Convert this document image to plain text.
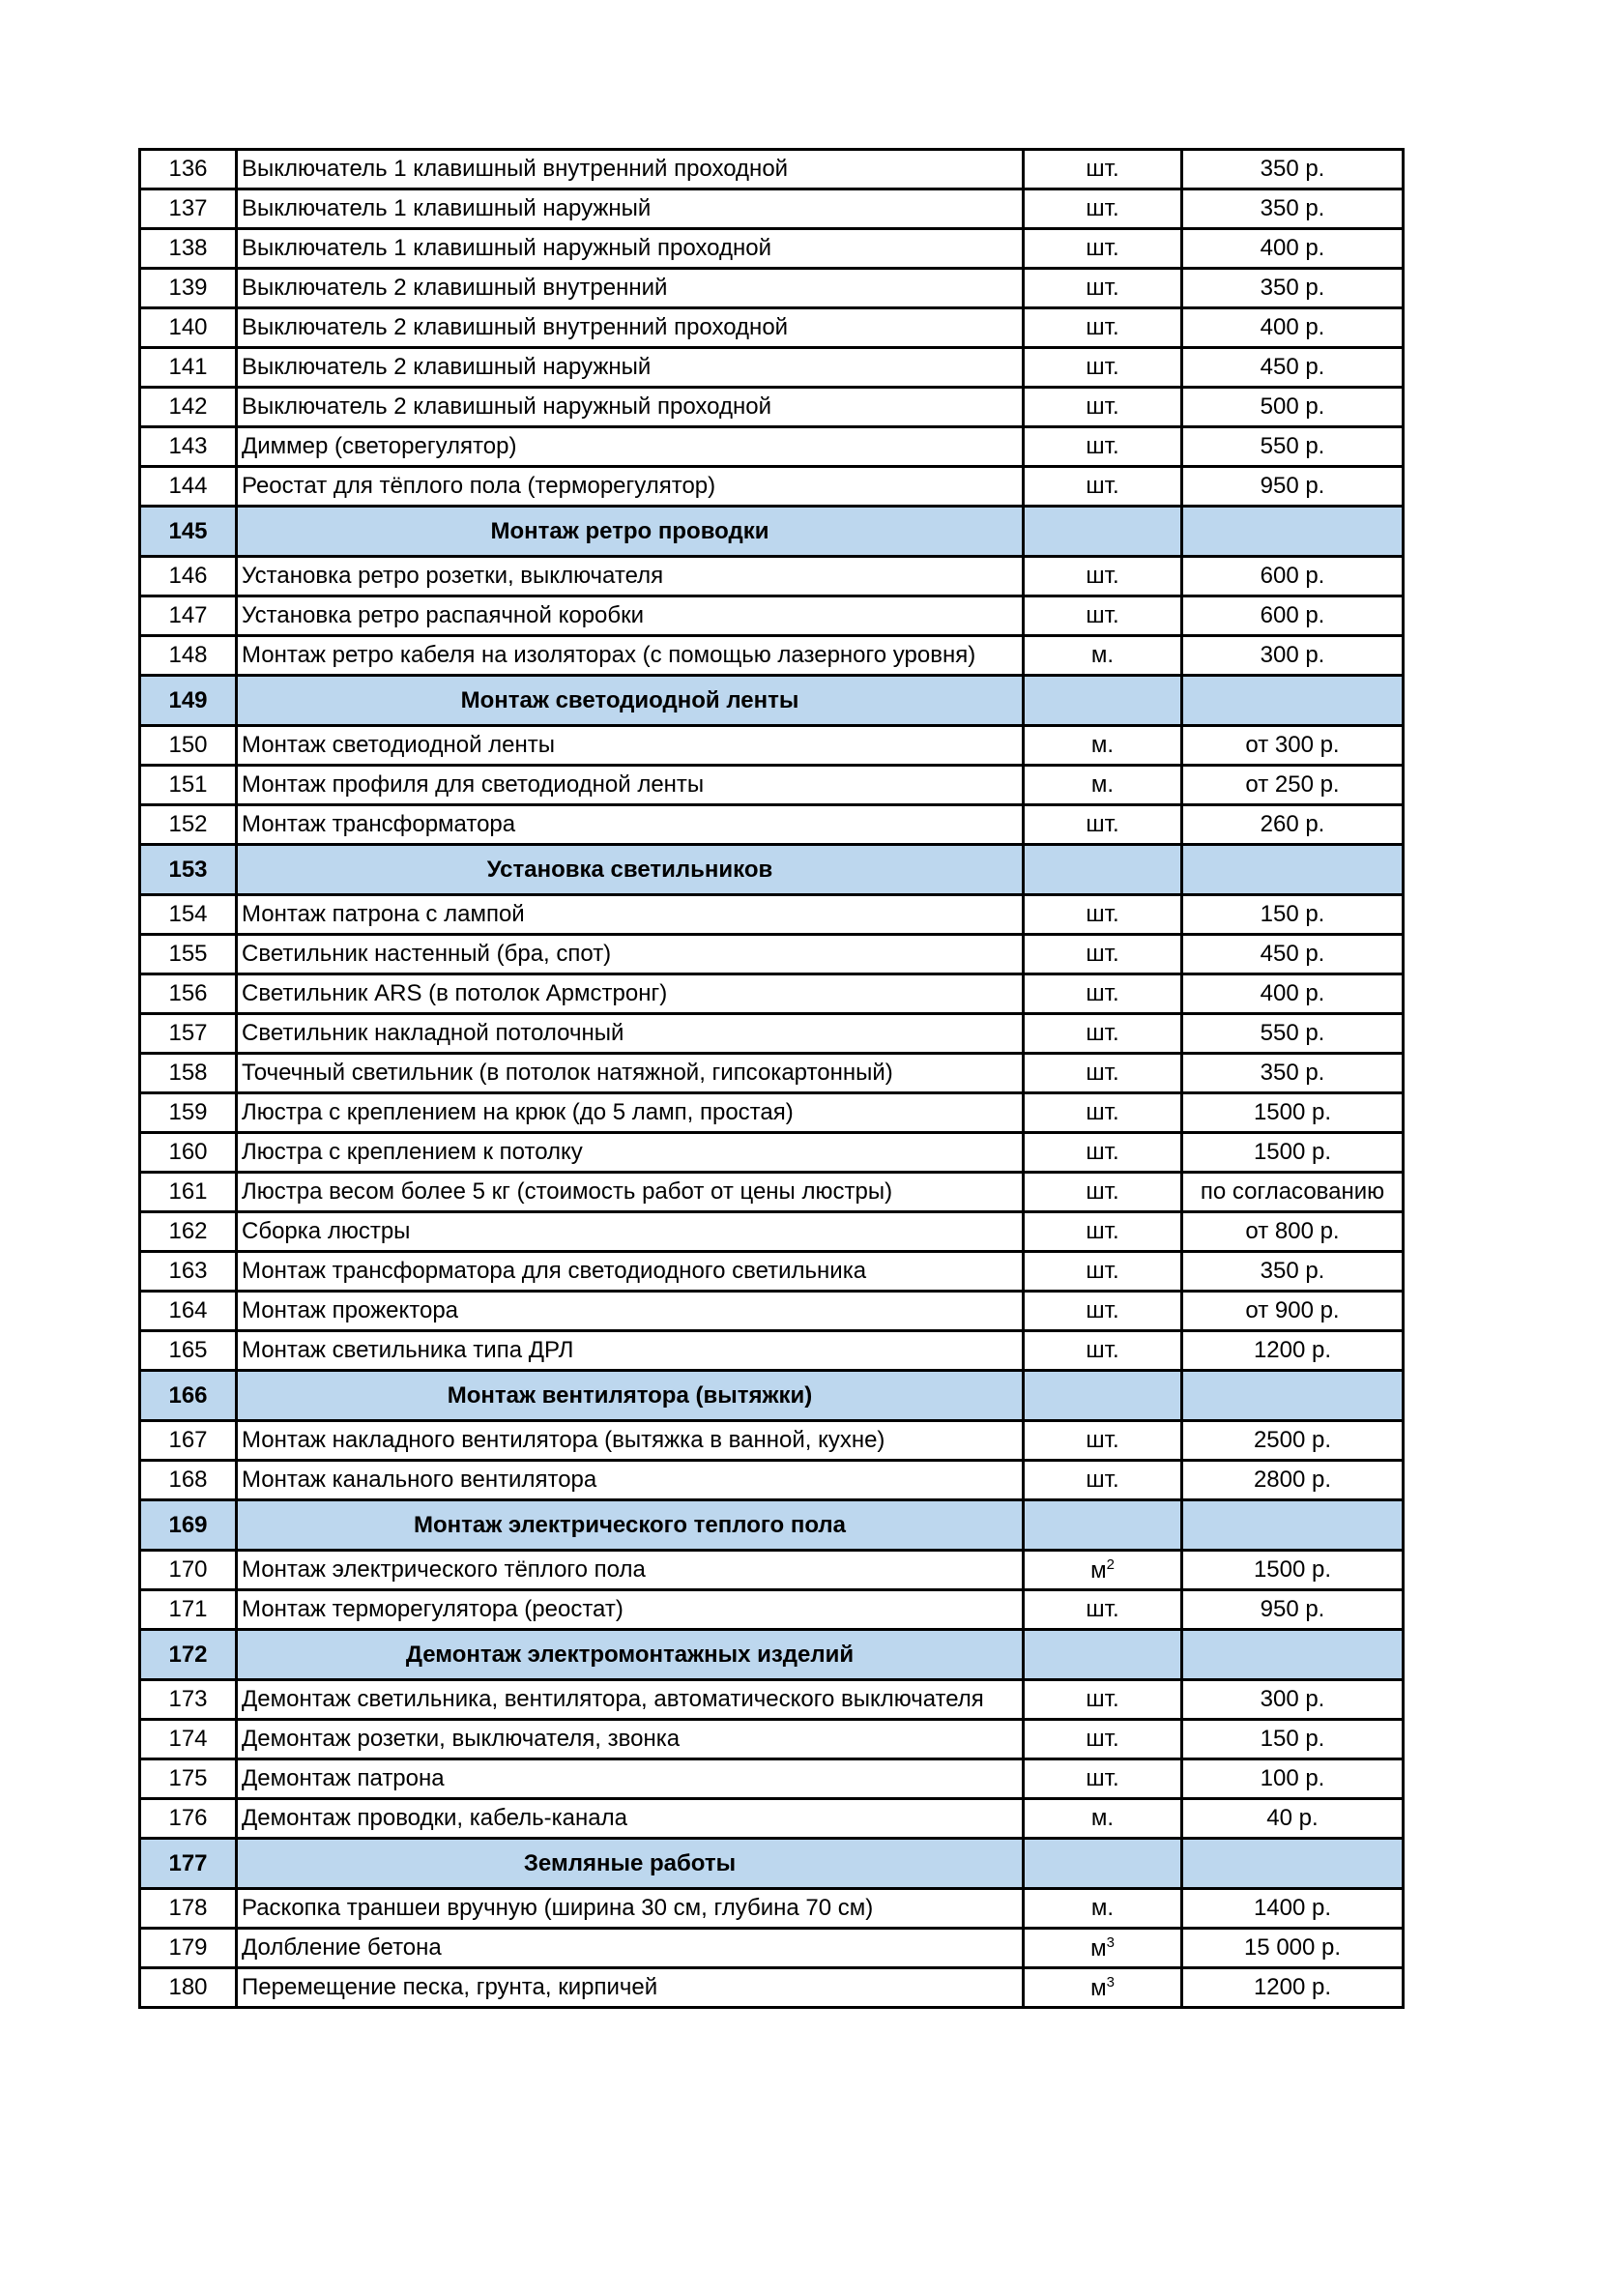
136	Выключатель 1 клавишный внутренний проходной	шт.	350 р.
137	Выключатель 1 клавишный наружный	шт.	350 р.
138	Выключатель 1 клавишный наружный проходной	шт.	400 р.
139	Выключатель 2 клавишный внутренний	шт.	350 р.
140	Выключатель 2 клавишный внутренний проходной	шт.	400 р.
141	Выключатель 2 клавишный наружный	шт.	450 р.
142	Выключатель 2 клавишный наружный проходной	шт.	500 р.
143	Диммер (светорегулятор)	шт.	550 р.
144	Реостат для тёплого пола (терморегулятор)	шт.	950 р.
145	Монтаж ретро проводки		
146	Установка ретро розетки, выключателя	шт.	600 р.
147	Установка ретро распаячной коробки	шт.	600 р.
148	Монтаж ретро кабеля на изоляторах (с помощью лазерного уровня)	м.	300 р.
149	Монтаж светодиодной ленты		
150	Монтаж светодиодной ленты	м.	от 300 р.
151	Монтаж профиля для светодиодной ленты	м.	от 250 р.
152	Монтаж трансформатора	шт.	260 р.
153	Установка светильников		
154	Монтаж патрона с лампой	шт.	150 р.
155	Светильник настенный (бра, спот)	шт.	450 р.
156	Светильник ARS (в потолок Армстронг)	шт.	400 р.
157	Светильник накладной потолочный	шт.	550 р.
158	Точечный светильник (в потолок натяжной, гипсокартонный)	шт.	350 р.
159	Люстра с креплением на крюк (до 5 ламп, простая)	шт.	1500 р.
160	Люстра с креплением к потолку	шт.	1500 р.
161	Люстра весом более 5 кг (стоимость работ от цены люстры)	шт.	по согласованию
162	Сборка люстры	шт.	от 800 р.
163	Монтаж трансформатора для светодиодного светильника	шт.	350 р.
164	Монтаж прожектора	шт.	от 900 р.
165	Монтаж светильника типа ДРЛ	шт.	1200 р.
166	Монтаж вентилятора (вытяжки)		
167	Монтаж накладного вентилятора (вытяжка в ванной, кухне)	шт.	2500 р.
168	Монтаж канального вентилятора	шт.	2800 р.
169	Монтаж электрического теплого пола		
170	Монтаж электрического тёплого пола	$м^2$	1500 р.
171	Монтаж терморегулятора (реостат)	шт.	950 р.
172	Демонтаж электромонтажных изделий		
173	Демонтаж светильника, вентилятора, автоматического выключателя	шт.	300 р.
174	Демонтаж розетки, выключателя, звонка	шт.	150 р.
175	Демонтаж патрона	шт.	100 р.
176	Демонтаж проводки, кабель-канала	м.	40 р.
177	Земляные работы		
178	Раскопка траншеи вручную (ширина 30 см, глубина 70 см)	м.	1400 р.
179	Долбление бетона	$м^3$	15 000 р.
180	Перемещение песка, грунта, кирпичей	$м^3$	1200 р.
